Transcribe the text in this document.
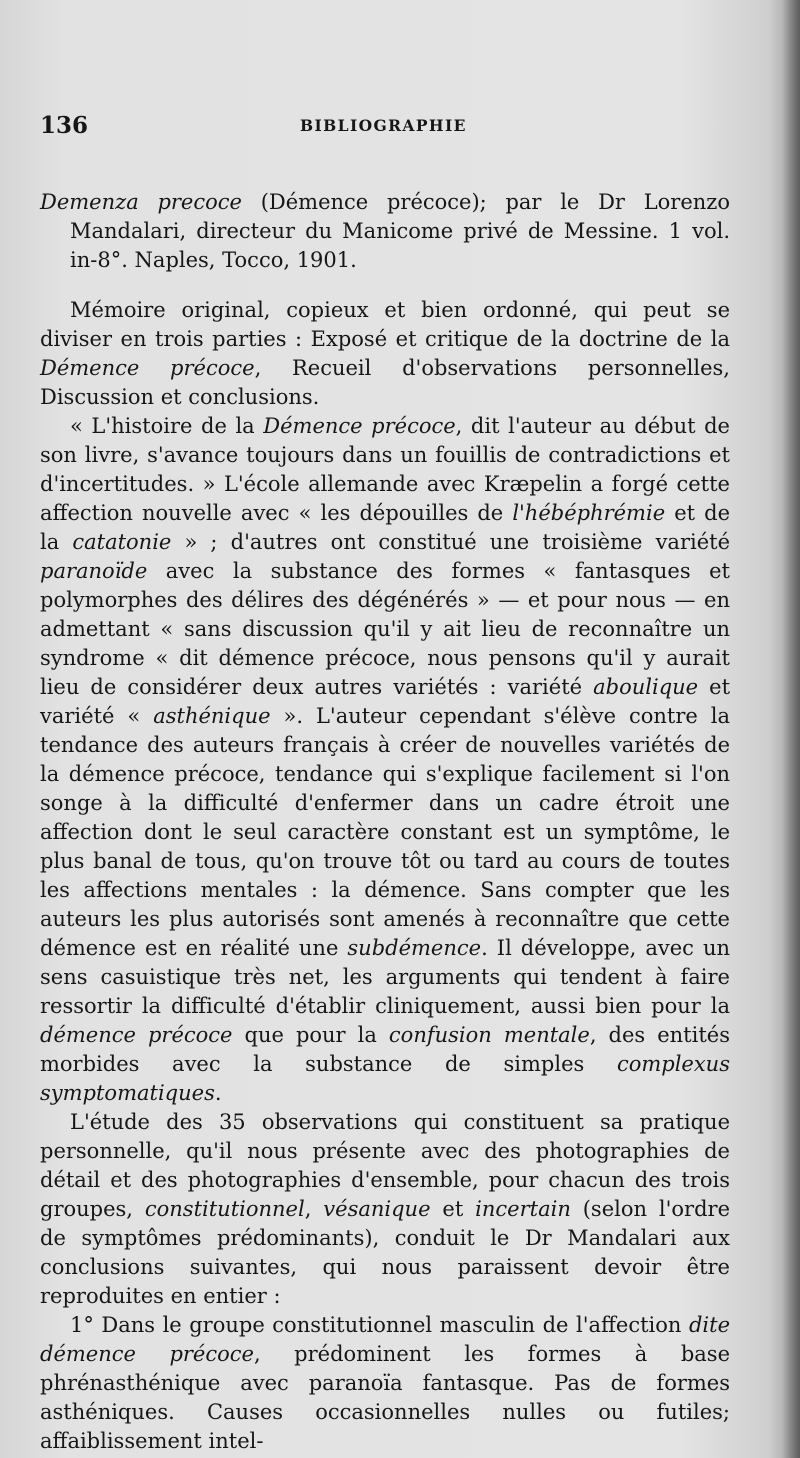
136	BIBLIOGRAPHIE

Demenza precoce (Démence précoce); par le Dr Lorenzo Mandalari, directeur du Manicome privé de Messine. 1 vol. in-8°. Naples, Tocco, 1901.

Mémoire original, copieux et bien ordonné, qui peut se diviser en trois parties : Exposé et critique de la doctrine de la Démence précoce, Recueil d'observations personnelles, Discussion et conclusions.

« L'histoire de la Démence précoce, dit l'auteur au début de son livre, s'avance toujours dans un fouillis de contradictions et d'incertitudes. » L'école allemande avec Kræpelin a forgé cette affection nouvelle avec « les dépouilles de l'hébéphrémie et de la catatonie » ; d'autres ont constitué une troisième variété paranoïde avec la substance des formes « fantasques et polymorphes des délires des dégénérés » — et pour nous — en admettant « sans discussion qu'il y ait lieu de reconnaître un syndrome « dit démence précoce, nous pensons qu'il y aurait lieu de considérer deux autres variétés : variété aboulique et variété « asthénique ». L'auteur cependant s'élève contre la tendance des auteurs français à créer de nouvelles variétés de la démence précoce, tendance qui s'explique facilement si l'on songe à la difficulté d'enfermer dans un cadre étroit une affection dont le seul caractère constant est un symptôme, le plus banal de tous, qu'on trouve tôt ou tard au cours de toutes les affections mentales : la démence. Sans compter que les auteurs les plus autorisés sont amenés à reconnaître que cette démence est en réalité une subdémence. Il développe, avec un sens casuistique très net, les arguments qui tendent à faire ressortir la difficulté d'établir cliniquement, aussi bien pour la démence précoce que pour la confusion mentale, des entités morbides avec la substance de simples complexus symptomatiques.

L'étude des 35 observations qui constituent sa pratique personnelle, qu'il nous présente avec des photographies de détail et des photographies d'ensemble, pour chacun des trois groupes, constitutionnel, vésanique et incertain (selon l'ordre de symptômes prédominants), conduit le Dr Mandalari aux conclusions suivantes, qui nous paraissent devoir être reproduites en entier :

1° Dans le groupe constitutionnel masculin de l'affection dite démence précoce, prédominent les formes à base phrénasthénique avec paranoïa fantasque. Pas de formes asthéniques. Causes occasionnelles nulles ou futiles; affaiblissement intel-
